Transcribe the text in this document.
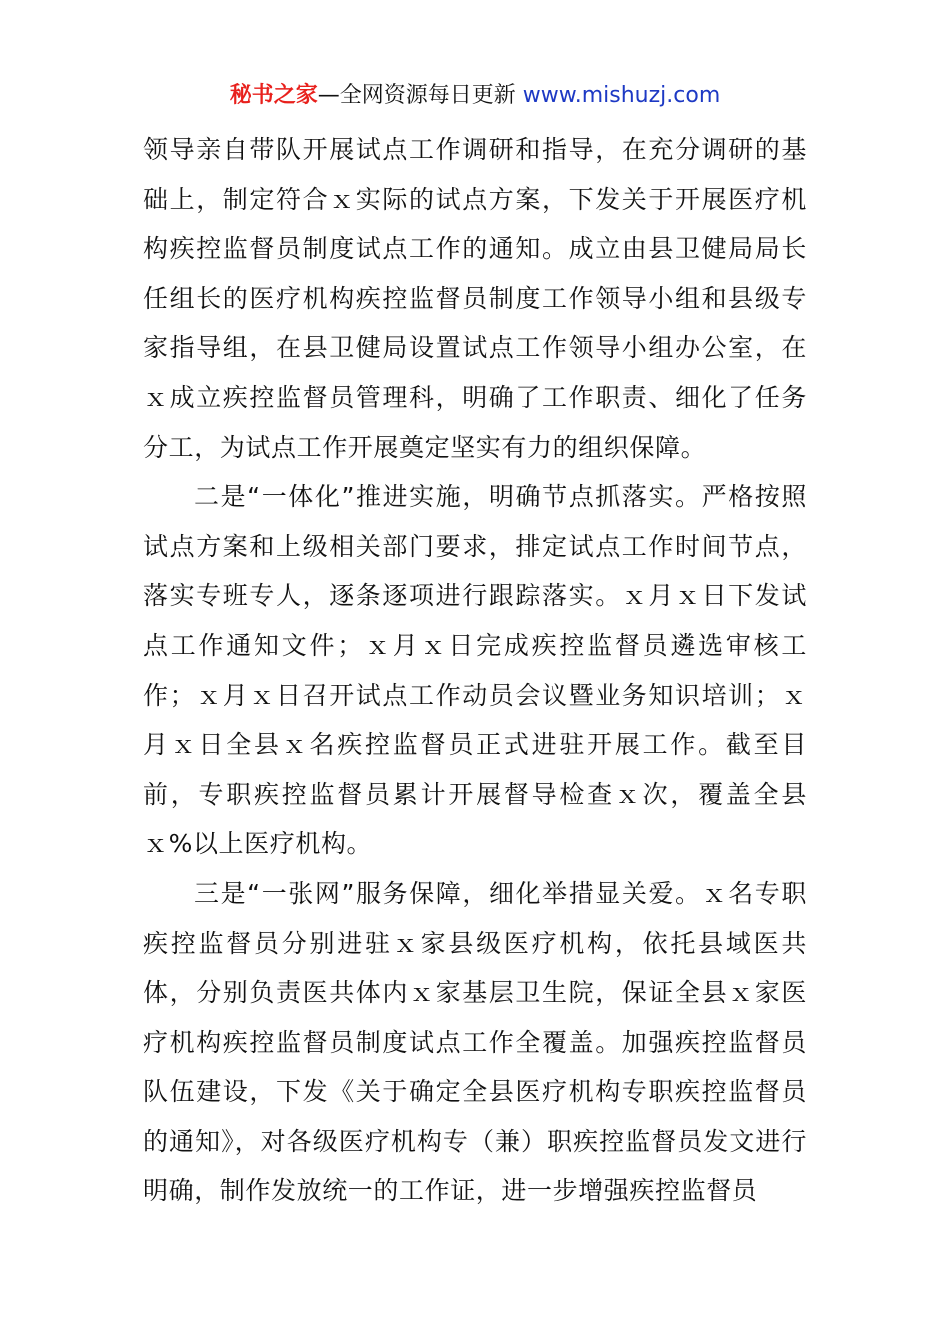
秘书之家—全网资源每日更新 www.mishuzj.com

领导亲自带队开展试点工作调研和指导，在充分调研的基础上，制定符合ｘ实际的试点方案，下发关于开展医疗机构疾控监督员制度试点工作的通知。成立由县卫健局局长任组长的医疗机构疾控监督员制度工作领导小组和县级专家指导组，在县卫健局设置试点工作领导小组办公室，在ｘ成立疾控监督员管理科，明确了工作职责、细化了任务分工，为试点工作开展奠定坚实有力的组织保障。

二是“一体化”推进实施，明确节点抓落实。严格按照试点方案和上级相关部门要求，排定试点工作时间节点，落实专班专人，逐条逐项进行跟踪落实。ｘ月ｘ日下发试点工作通知文件；ｘ月ｘ日完成疾控监督员遴选审核工作；ｘ月ｘ日召开试点工作动员会议暨业务知识培训；ｘ月ｘ日全县ｘ名疾控监督员正式进驻开展工作。截至目前，专职疾控监督员累计开展督导检查ｘ次，覆盖全县ｘ%以上医疗机构。

三是“一张网”服务保障，细化举措显关爱。ｘ名专职疾控监督员分别进驻ｘ家县级医疗机构，依托县域医共体，分别负责医共体内ｘ家基层卫生院，保证全县ｘ家医疗机构疾控监督员制度试点工作全覆盖。加强疾控监督员队伍建设，下发《关于确定全县医疗机构专职疾控监督员的通知》，对各级医疗机构专（兼）职疾控监督员发文进行明确，制作发放统一的工作证，进一步增强疾控监督员
